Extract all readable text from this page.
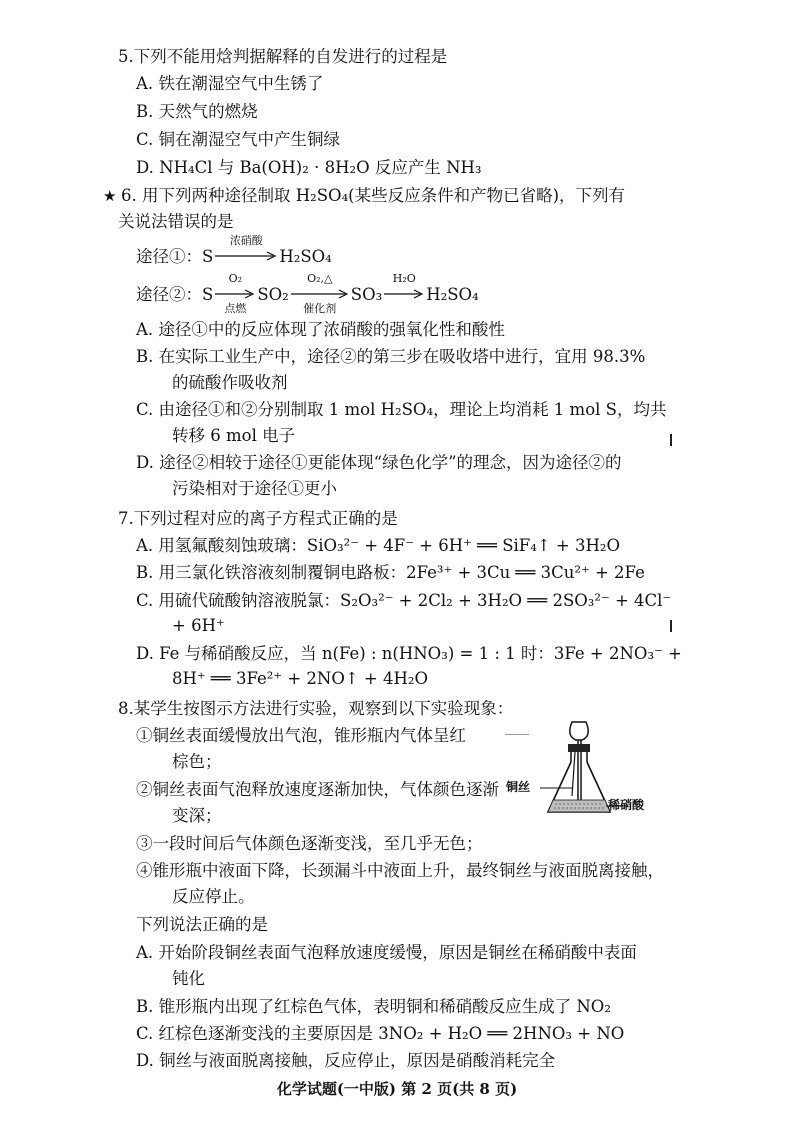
5.下列不能用焓判据解释的自发进行的过程是
A. 铁在潮湿空气中生锈了
B. 天然气的燃烧
C. 铜在潮湿空气中产生铜绿
D. NH₄Cl 与 Ba(OH)₂ · 8H₂O 反应产生 NH₃
★ 6. 用下列两种途径制取 H₂SO₄(某些反应条件和产物已省略)，下列有
关说法错误的是
途径①：S
浓硝酸
H₂SO₄
途径②：S
O₂
点燃
SO₂
O₂,△
催化剂
SO₃
H₂O
H₂SO₄
A. 途径①中的反应体现了浓硝酸的强氧化性和酸性
B. 在实际工业生产中，途径②的第三步在吸收塔中进行，宜用 98.3%
的硫酸作吸收剂
C. 由途径①和②分别制取 1 mol H₂SO₄，理论上均消耗 1 mol S，均共
转移 6 mol 电子
D. 途径②相较于途径①更能体现“绿色化学”的理念，因为途径②的
污染相对于途径①更小
7.下列过程对应的离子方程式正确的是
A. 用氢氟酸刻蚀玻璃：SiO₃²⁻ + 4F⁻ + 6H⁺ ══ SiF₄↑ + 3H₂O
B. 用三氯化铁溶液刻制覆铜电路板：2Fe³⁺ + 3Cu ══ 3Cu²⁺ + 2Fe
C. 用硫代硫酸钠溶液脱氯：S₂O₃²⁻ + 2Cl₂ + 3H₂O ══ 2SO₃²⁻ + 4Cl⁻
+ 6H⁺
D. Fe 与稀硝酸反应，当 n(Fe) : n(HNO₃) = 1 : 1 时：3Fe + 2NO₃⁻ +
8H⁺ ══ 3Fe²⁺ + 2NO↑ + 4H₂O
8.某学生按图示方法进行实验，观察到以下实验现象：
①铜丝表面缓慢放出气泡，锥形瓶内气体呈红
棕色；
②铜丝表面气泡释放速度逐渐加快，气体颜色逐渐
变深；
③一段时间后气体颜色逐渐变浅，至几乎无色；
④锥形瓶中液面下降，长颈漏斗中液面上升，最终铜丝与液面脱离接触，
反应停止。
铜丝
稀硝酸
下列说法正确的是
A. 开始阶段铜丝表面气泡释放速度缓慢，原因是铜丝在稀硝酸中表面
钝化
B. 锥形瓶内出现了红棕色气体，表明铜和稀硝酸反应生成了 NO₂
C. 红棕色逐渐变浅的主要原因是 3NO₂ + H₂O ══ 2HNO₃ + NO
D. 铜丝与液面脱离接触，反应停止，原因是硝酸消耗完全
化学试题(一中版) 第 2 页(共 8 页)
